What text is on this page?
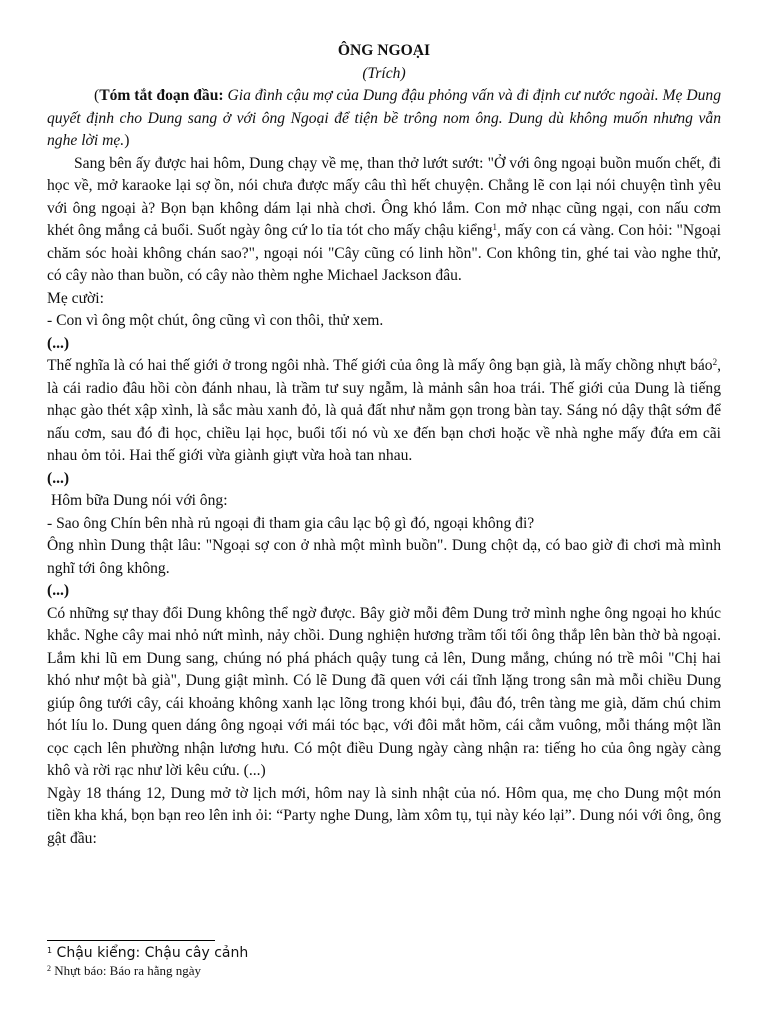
ÔNG NGOẠI

(Trích)

(Tóm tắt đoạn đầu: Gia đình cậu mợ của Dung đậu phỏng vấn và đi định cư nước ngoài. Mẹ Dung quyết định cho Dung sang ở với ông Ngoại để tiện bề trông nom ông. Dung dù không muốn nhưng vẫn nghe lời mẹ.)

Sang bên ấy được hai hôm, Dung chạy về mẹ, than thở lướt sướt: "Ở với ông ngoại buồn muốn chết, đi học về, mở karaoke lại sợ ồn, nói chưa được mấy câu thì hết chuyện. Chẳng lẽ con lại nói chuyện tình yêu với ông ngoại à? Bọn bạn không dám lại nhà chơi. Ông khó lắm. Con mở nhạc cũng ngại, con nấu cơm khét ông mắng cả buổi. Suốt ngày ông cứ lo tỉa tót cho mấy chậu kiểng$^1$, mấy con cá vàng. Con hỏi: "Ngoại chăm sóc hoài không chán sao?", ngoại nói "Cây cũng có linh hồn". Con không tin, ghé tai vào nghe thử, có cây nào than buồn, có cây nào thèm nghe Michael Jackson đâu.

Mẹ cười:

- Con vì ông một chút, ông cũng vì con thôi, thử xem.

(...)

Thế nghĩa là có hai thế giới ở trong ngôi nhà. Thế giới của ông là mấy ông bạn già, là mấy chồng nhựt báo$^2$, là cái radio đâu hồi còn đánh nhau, là trầm tư suy ngẫm, là mảnh sân hoa trái. Thế giới của Dung là tiếng nhạc gào thét xập xình, là sắc màu xanh đỏ, là quả đất như nằm gọn trong bàn tay. Sáng nó dậy thật sớm để nấu cơm, sau đó đi học, chiều lại học, buổi tối nó vù xe đến bạn chơi hoặc về nhà nghe mấy đứa em cãi nhau ỏm tỏi. Hai thế giới vừa giành giựt vừa hoà tan nhau.

(...)

Hôm bữa Dung nói với ông:

- Sao ông Chín bên nhà rủ ngoại đi tham gia câu lạc bộ gì đó, ngoại không đi?

Ông nhìn Dung thật lâu: "Ngoại sợ con ở nhà một mình buồn". Dung chột dạ, có bao giờ đi chơi mà mình nghĩ tới ông không.

(...)

Có những sự thay đổi Dung không thể ngờ được. Bây giờ mỗi đêm Dung trở mình nghe ông ngoại ho khúc khắc. Nghe cây mai nhỏ nứt mình, nảy chồi. Dung nghiện hương trầm tối tối ông thắp lên bàn thờ bà ngoại. Lắm khi lũ em Dung sang, chúng nó phá phách quậy tung cả lên, Dung mắng, chúng nó trề môi "Chị hai khó như một bà già", Dung giật mình. Có lẽ Dung đã quen với cái tĩnh lặng trong sân mà mỗi chiều Dung giúp ông tưới cây, cái khoảng không xanh lạc lõng trong khói bụi, đâu đó, trên tàng me già, dăm chú chim hót líu lo. Dung quen dáng ông ngoại với mái tóc bạc, với đôi mắt hõm, cái cằm vuông, mỗi tháng một lần cọc cạch lên phường nhận lương hưu. Có một điều Dung ngày càng nhận ra: tiếng ho của ông ngày càng khô và rời rạc như lời kêu cứu. (...)

Ngày 18 tháng 12, Dung mở tờ lịch mới, hôm nay là sinh nhật của nó. Hôm qua, mẹ cho Dung một món tiền kha khá, bọn bạn reo lên inh ỏi: “Party nghe Dung, làm xôm tụ, tụi này kéo lại”. Dung nói với ông, ông gật đầu:

$^1$ Chậu kiểng: Chậu cây cảnh
$^2$ Nhựt báo: Báo ra hằng ngày
